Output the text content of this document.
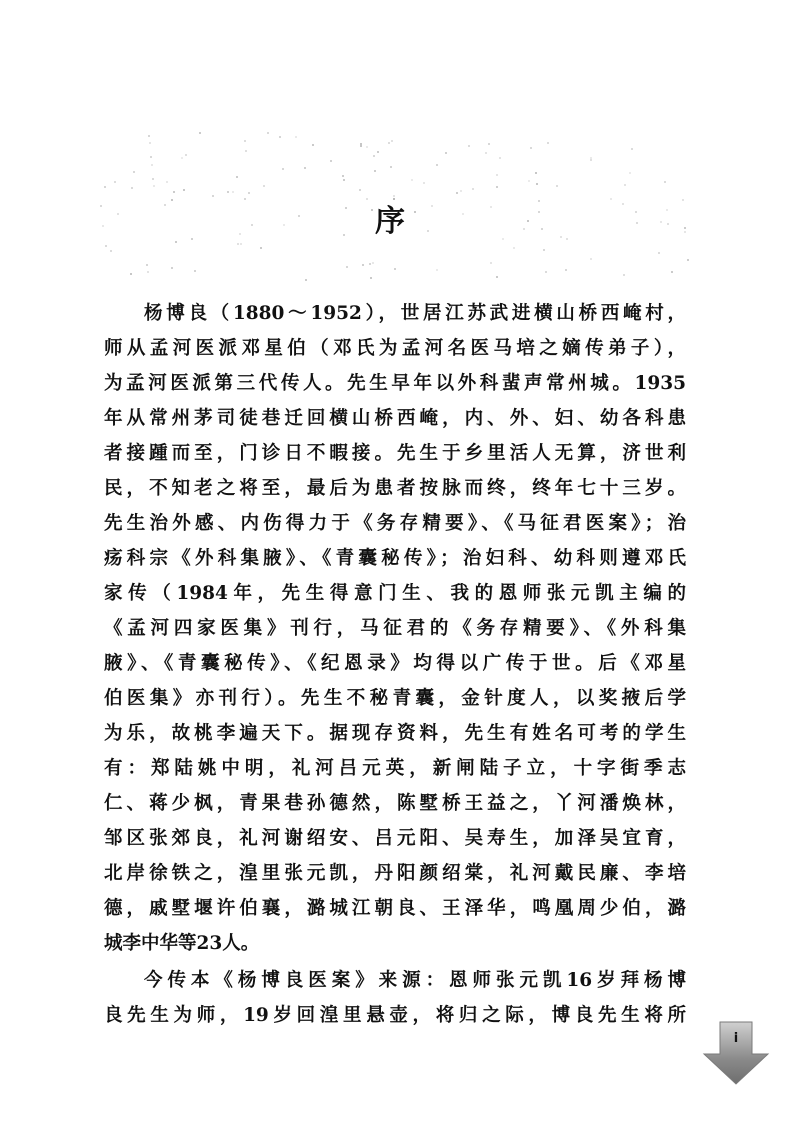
序
杨博良（1880～1952），世居江苏武进横山桥西崦村，
师从孟河医派邓星伯（邓氏为孟河名医马培之嫡传弟子），
为孟河医派第三代传人。先生早年以外科蜚声常州城。1935
年从常州茅司徒巷迁回横山桥西崦，内、外、妇、幼各科患
者接踵而至，门诊日不暇接。先生于乡里活人无算，济世利
民，不知老之将至，最后为患者按脉而终，终年七十三岁。
先生治外感、内伤得力于《务存精要》、《马征君医案》；治
疡科宗《外科集腋》、《青囊秘传》；治妇科、幼科则遵邓氏
家传（1984年，先生得意门生、我的恩师张元凯主编的
《孟河四家医集》刊行，马征君的《务存精要》、《外科集
腋》、《青囊秘传》、《纪恩录》均得以广传于世。后《邓星
伯医集》亦刊行）。先生不秘青囊，金针度人，以奖掖后学
为乐，故桃李遍天下。据现存资料，先生有姓名可考的学生
有：郑陆姚中明，礼河吕元英，新闸陆子立，十字街季志
仁、蒋少枫，青果巷孙德然，陈墅桥王益之，丫河潘焕林，
邹区张郊良，礼河谢绍安、吕元阳、吴寿生，加泽吴宜育，
北岸徐铁之，湟里张元凯，丹阳颜绍棠，礼河戴民廉、李培
德，戚墅堰许伯襄，潞城江朝良、王泽华，鸣凰周少伯，潞
城李中华等23人。
今传本《杨博良医案》来源：恩师张元凯16岁拜杨博
良先生为师，19岁回湟里悬壶，将归之际，博良先生将所
i
